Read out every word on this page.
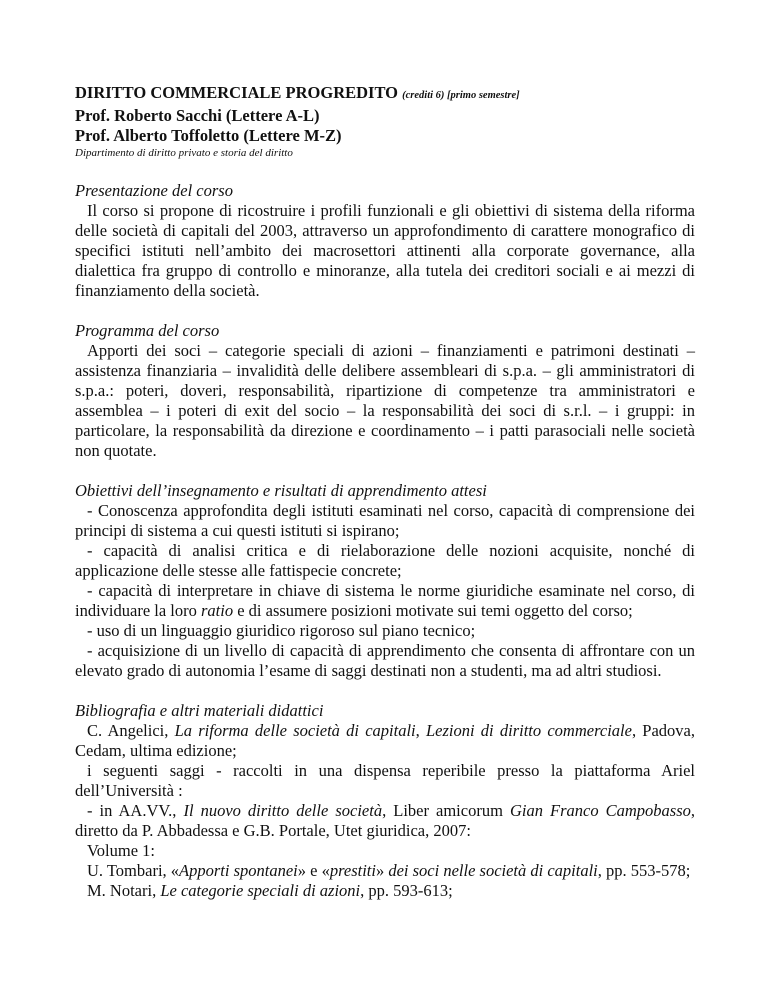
DIRITTO COMMERCIALE PROGREDITO (crediti 6) [primo semestre]
Prof. Roberto Sacchi (Lettere A-L)
Prof. Alberto Toffoletto (Lettere M-Z)
Dipartimento di diritto privato e storia del diritto
Presentazione del corso

Il corso si propone di ricostruire i profili funzionali e gli obiettivi di sistema della riforma delle società di capitali del 2003, attraverso un approfondimento di carattere monografico di specifici istituti nell’ambito dei macrosettori attinenti alla corporate governance, alla dialettica fra gruppo di controllo e minoranze, alla tutela dei creditori sociali e ai mezzi di finanziamento della società.

Programma del corso

Apporti dei soci – categorie speciali di azioni – finanziamenti e patrimoni destinati – assistenza finanziaria – invalidità delle delibere assembleari di s.p.a. – gli amministratori di s.p.a.: poteri, doveri, responsabilità, ripartizione di competenze tra amministratori e assemblea – i poteri di exit del socio – la responsabilità dei soci di s.r.l. – i gruppi: in particolare, la responsabilità da direzione e coordinamento – i patti parasociali nelle società non quotate.

Obiettivi dell’insegnamento e risultati di apprendimento attesi

- Conoscenza approfondita degli istituti esaminati nel corso, capacità di comprensione dei principi di sistema a cui questi istituti si ispirano;

- capacità di analisi critica e di rielaborazione delle nozioni acquisite, nonché di applicazione delle stesse alle fattispecie concrete;

- capacità di interpretare in chiave di sistema le norme giuridiche esaminate nel corso, di individuare la loro ratio e di assumere posizioni motivate sui temi oggetto del corso;

- uso di un linguaggio giuridico rigoroso sul piano tecnico;

- acquisizione di un livello di capacità di apprendimento che consenta di affrontare con un elevato grado di autonomia l’esame di saggi destinati non a studenti, ma ad altri studiosi.

Bibliografia e altri materiali didattici

C. Angelici, La riforma delle società di capitali, Lezioni di diritto commerciale, Padova, Cedam, ultima edizione;

i seguenti saggi - raccolti in una dispensa reperibile presso la piattaforma Ariel dell’Università :

- in AA.VV., Il nuovo diritto delle società, Liber amicorum Gian Franco Campobasso, diretto da P. Abbadessa e G.B. Portale, Utet giuridica, 2007:

Volume 1:

U. Tombari, «Apporti spontanei» e «prestiti» dei soci nelle società di capitali, pp. 553-578;

M. Notari, Le categorie speciali di azioni, pp. 593-613;
